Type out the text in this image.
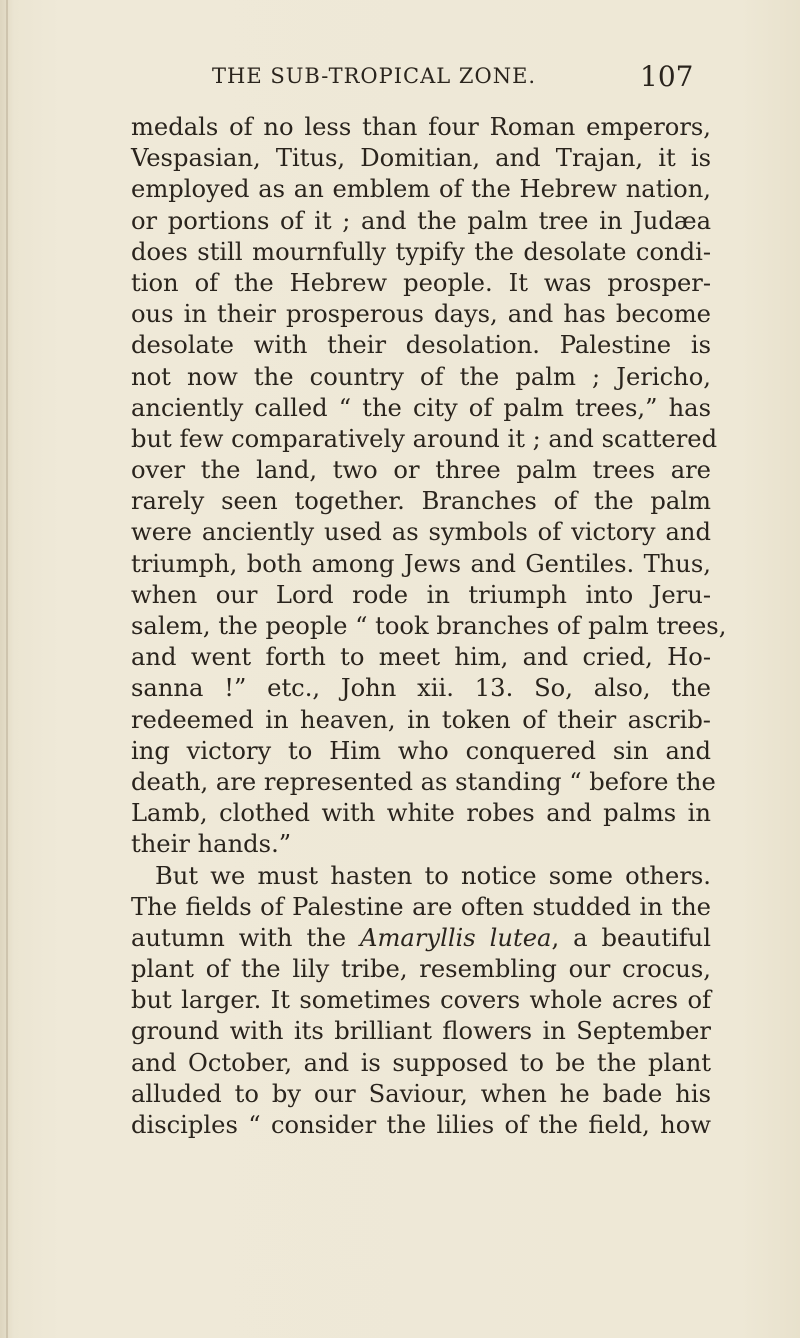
THE SUB-TROPICAL ZONE.	107
medals of no less than four Roman emperors,
Vespasian, Titus, Domitian, and Trajan, it is
employed as an emblem of the Hebrew nation,
or portions of it ; and the palm tree in Judæa
does still mournfully typify the desolate condi-
tion of the Hebrew people. It was prosper-
ous in their prosperous days, and has become
desolate with their desolation. Palestine is
not now the country of the palm ; Jericho,
anciently called “ the city of palm trees,” has
but few comparatively around it ; and scattered
over the land, two or three palm trees are
rarely seen together. Branches of the palm
were anciently used as symbols of victory and
triumph, both among Jews and Gentiles. Thus,
when our Lord rode in triumph into Jeru-
salem, the people “ took branches of palm trees,
and went forth to meet him, and cried, Ho-
sanna !” etc., John xii. 13. So, also, the
redeemed in heaven, in token of their ascrib-
ing victory to Him who conquered sin and
death, are represented as standing “ before the
Lamb, clothed with white robes and palms in
their hands.”
But we must hasten to notice some others.
The fields of Palestine are often studded in the
autumn with the Amaryllis lutea, a beautiful
plant of the lily tribe, resembling our crocus,
but larger. It sometimes covers whole acres of
ground with its brilliant flowers in September
and October, and is supposed to be the plant
alluded to by our Saviour, when he bade his
disciples “ consider the lilies of the field, how
